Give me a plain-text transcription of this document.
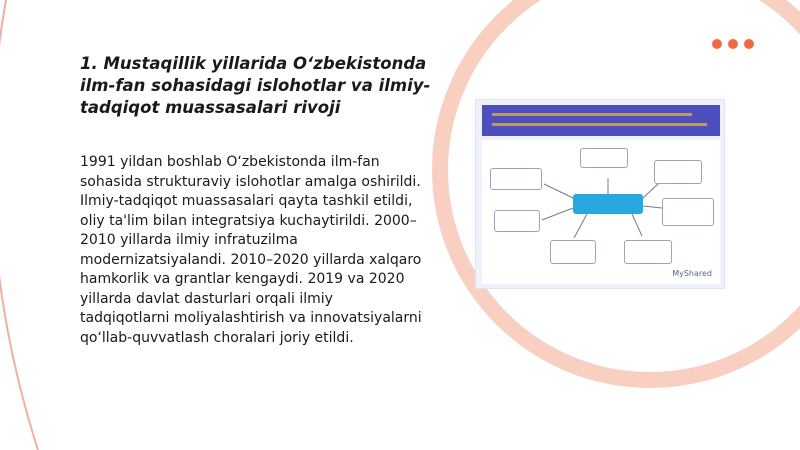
1. Mustaqillik yillarida O‘zbekistonda ilm-fan sohasidagi islohotlar va ilmiy-tadqiqot muassasalari rivoji
1991 yildan boshlab O‘zbekistonda ilm-fan sohasida strukturaviy islohotlar amalga oshirildi. Ilmiy-tadqiqot muassasalari qayta tashkil etildi, oliy ta'lim bilan integratsiya kuchaytirildi. 2000–2010 yillarda ilmiy infratuzilma modernizatsiyalandi. 2010–2020 yillarda xalqaro hamkorlik va grantlar kengaydi. 2019 va 2020 yillarda davlat dasturlari orqali ilmiy tadqiqotlarni moliyalashtirish va innovatsiyalarni qo‘llab-quvvatlash choralari joriy etildi.
MyShared
